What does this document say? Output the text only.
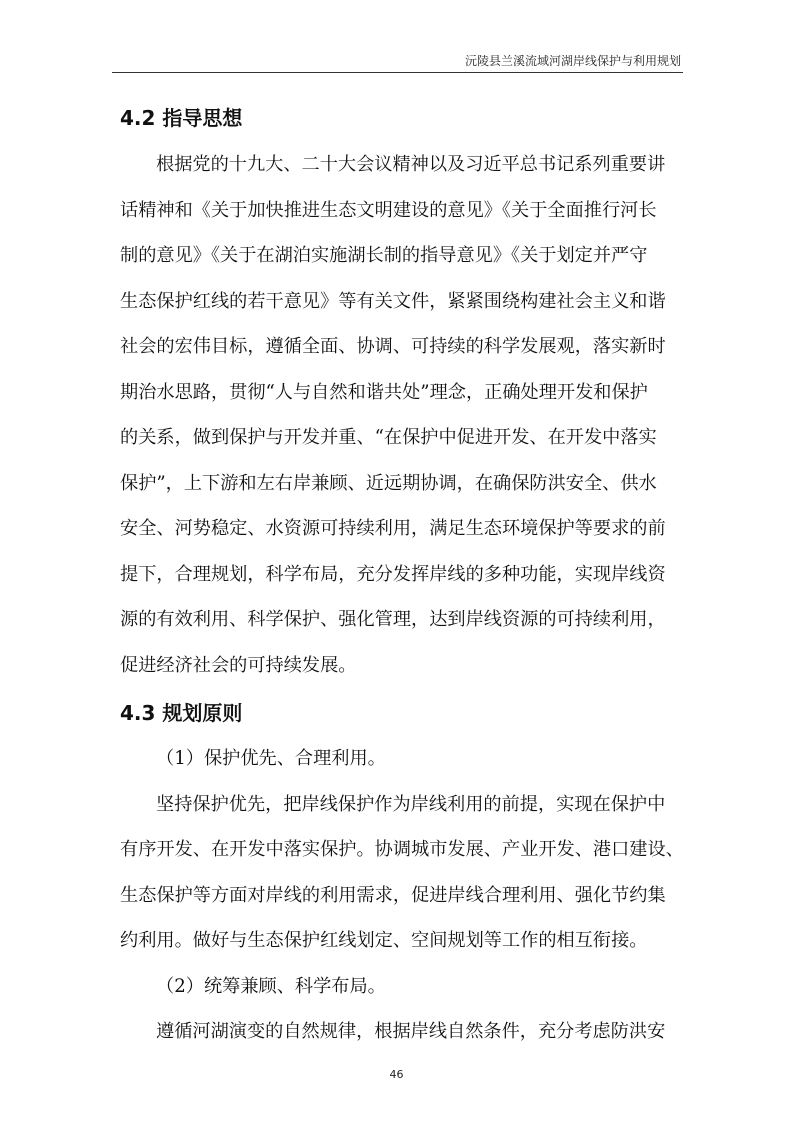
沅陵县兰溪流域河湖岸线保护与利用规划
4.2 指导思想
根据党的十九大、二十大会议精神以及习近平总书记系列重要讲
话精神和《关于加快推进生态文明建设的意见》《关于全面推行河长
制的意见》《关于在湖泊实施湖长制的指导意见》《关于划定并严守
生态保护红线的若干意见》等有关文件，紧紧围绕构建社会主义和谐
社会的宏伟目标，遵循全面、协调、可持续的科学发展观，落实新时
期治水思路，贯彻“人与自然和谐共处”理念，正确处理开发和保护
的关系，做到保护与开发并重、“在保护中促进开发、在开发中落实
保护”，上下游和左右岸兼顾、近远期协调，在确保防洪安全、供水
安全、河势稳定、水资源可持续利用，满足生态环境保护等要求的前
提下，合理规划，科学布局，充分发挥岸线的多种功能，实现岸线资
源的有效利用、科学保护、强化管理，达到岸线资源的可持续利用，
促进经济社会的可持续发展。
4.3 规划原则
（1）保护优先、合理利用。
坚持保护优先，把岸线保护作为岸线利用的前提，实现在保护中
有序开发、在开发中落实保护。协调城市发展、产业开发、港口建设、
生态保护等方面对岸线的利用需求，促进岸线合理利用、强化节约集
约利用。做好与生态保护红线划定、空间规划等工作的相互衔接。
（2）统筹兼顾、科学布局。
遵循河湖演变的自然规律，根据岸线自然条件，充分考虑防洪安
46
